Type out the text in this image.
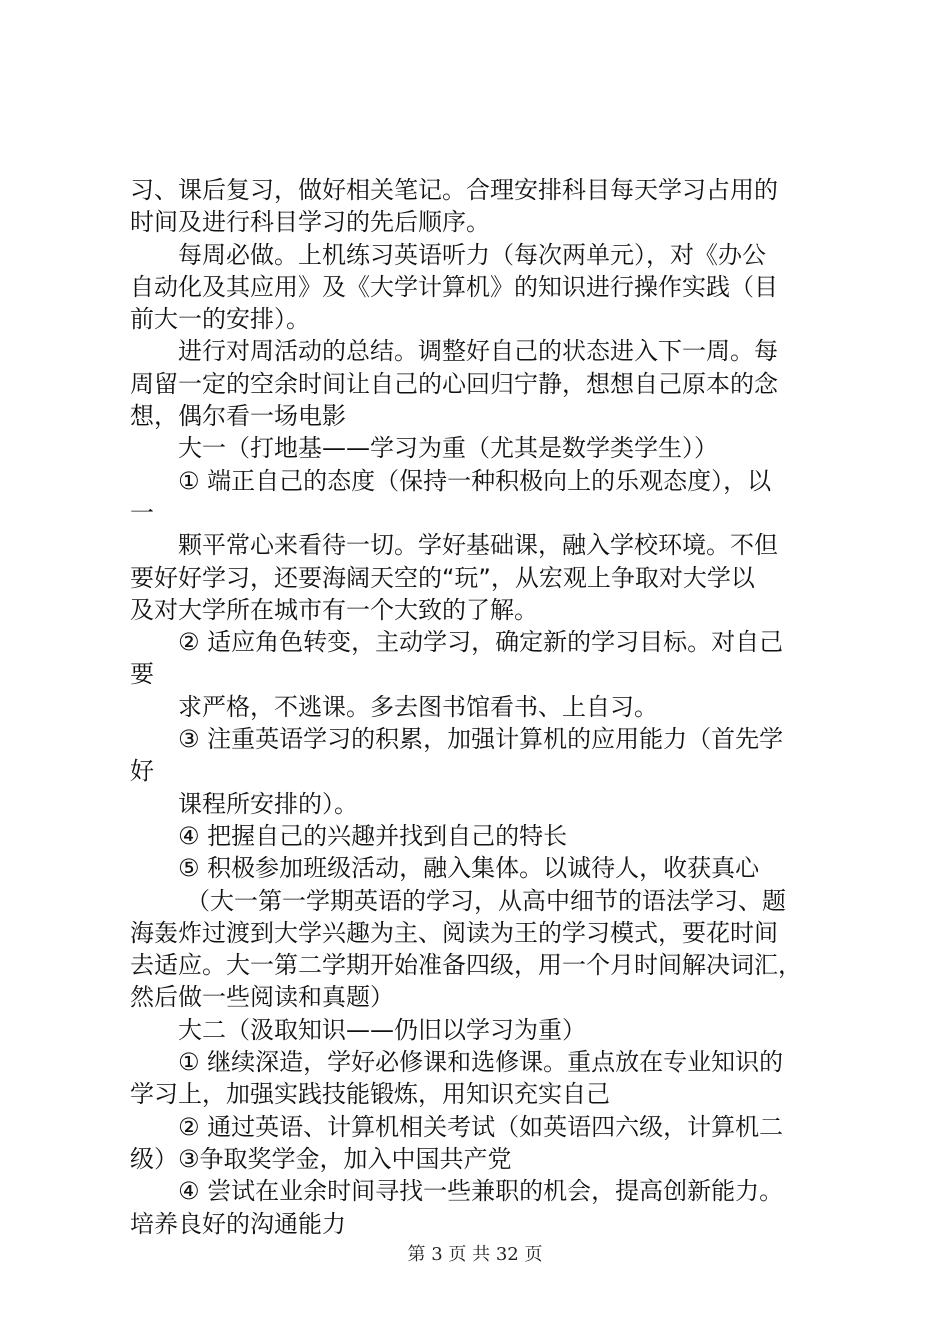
习、课后复习，做好相关笔记。合理安排科目每天学习占用的
时间及进行科目学习的先后顺序。
每周必做。上机练习英语听力（每次两单元），对《办公
自动化及其应用》及《大学计算机》的知识进行操作实践（目
前大一的安排）。
进行对周活动的总结。调整好自己的状态进入下一周。每
周留一定的空余时间让自己的心回归宁静，想想自己原本的念
想，偶尔看一场电影
大一（打地基——学习为重（尤其是数学类学生））
① 端正自己的态度（保持一种积极向上的乐观态度），以
一
颗平常心来看待一切。学好基础课，融入学校环境。不但
要好好学习，还要海阔天空的“玩”，从宏观上争取对大学以
及对大学所在城市有一个大致的了解。
② 适应角色转变，主动学习，确定新的学习目标。对自己
要
求严格，不逃课。多去图书馆看书、上自习。
③ 注重英语学习的积累，加强计算机的应用能力（首先学
好
课程所安排的）。
④ 把握自己的兴趣并找到自己的特长
⑤ 积极参加班级活动，融入集体。以诚待人，收获真心
（大一第一学期英语的学习，从高中细节的语法学习、题
海轰炸过渡到大学兴趣为主、阅读为王的学习模式，要花时间
去适应。大一第二学期开始准备四级，用一个月时间解决词汇，
然后做一些阅读和真题）
大二（汲取知识——仍旧以学习为重）
① 继续深造，学好必修课和选修课。重点放在专业知识的
学习上，加强实践技能锻炼，用知识充实自己
② 通过英语、计算机相关考试（如英语四六级，计算机二
级）③争取奖学金，加入中国共产党
④ 尝试在业余时间寻找一些兼职的机会，提高创新能力。
培养良好的沟通能力
第 3 页 共 32 页
